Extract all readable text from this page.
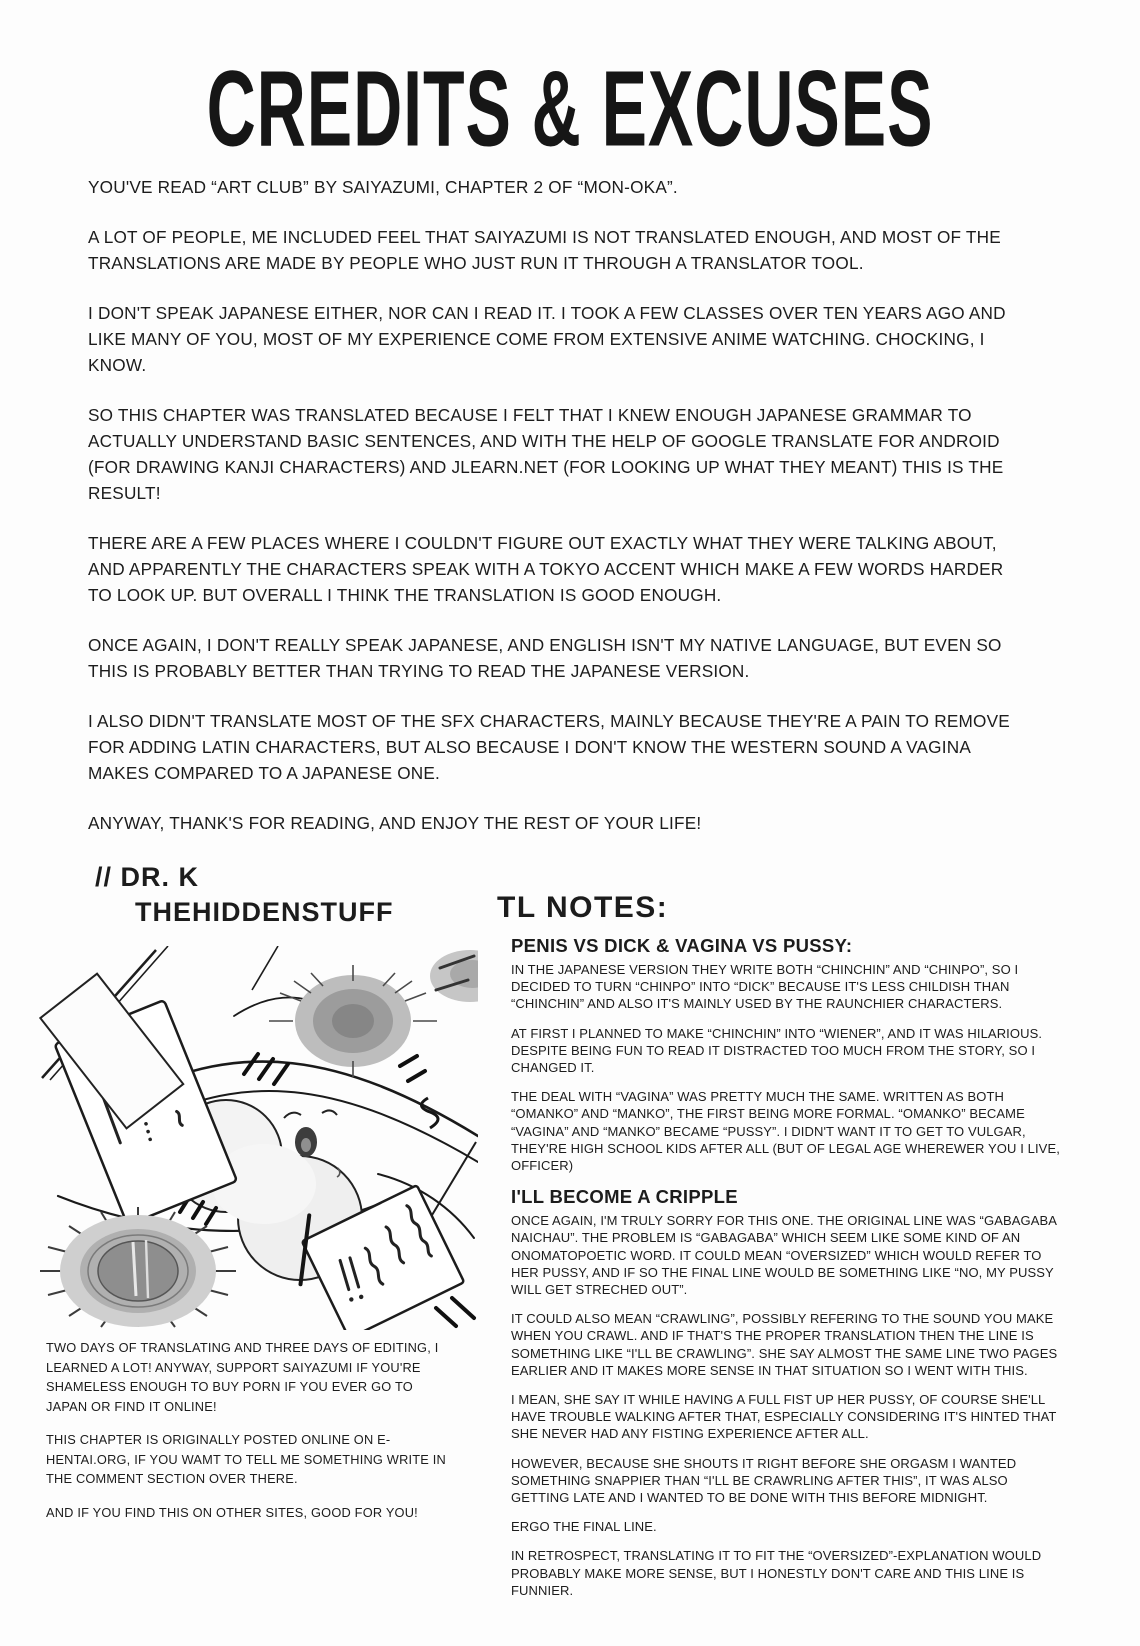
CREDITS & EXCUSES

YOU'VE READ “ART CLUB” BY SAIYAZUMI, CHAPTER 2 OF “MON-OKA”.

A LOT OF PEOPLE, ME INCLUDED FEEL THAT SAIYAZUMI IS NOT TRANSLATED ENOUGH, AND MOST OF THE TRANSLATIONS ARE MADE BY PEOPLE WHO JUST RUN IT THROUGH A TRANSLATOR TOOL.

I DON'T SPEAK JAPANESE EITHER, NOR CAN I READ IT. I TOOK A FEW CLASSES OVER TEN YEARS AGO AND LIKE MANY OF YOU, MOST OF MY EXPERIENCE COME FROM EXTENSIVE ANIME WATCHING. CHOCKING, I KNOW.

SO THIS CHAPTER WAS TRANSLATED BECAUSE I FELT THAT I KNEW ENOUGH JAPANESE GRAMMAR TO ACTUALLY UNDERSTAND BASIC SENTENCES, AND WITH THE HELP OF GOOGLE TRANSLATE FOR ANDROID (FOR DRAWING KANJI CHARACTERS) AND JLEARN.NET (FOR LOOKING UP WHAT THEY MEANT) THIS IS THE RESULT!

THERE ARE A FEW PLACES WHERE I COULDN'T FIGURE OUT EXACTLY WHAT THEY WERE TALKING ABOUT, AND APPARENTLY THE CHARACTERS SPEAK WITH A TOKYO ACCENT WHICH MAKE A FEW WORDS HARDER TO LOOK UP. BUT OVERALL I THINK THE TRANSLATION IS GOOD ENOUGH.

ONCE AGAIN, I DON'T REALLY SPEAK JAPANESE, AND ENGLISH ISN'T MY NATIVE LANGUAGE, BUT EVEN SO THIS IS PROBABLY BETTER THAN TRYING TO READ THE JAPANESE VERSION.

I ALSO DIDN'T TRANSLATE MOST OF THE SFX CHARACTERS, MAINLY BECAUSE THEY'RE A PAIN TO REMOVE FOR ADDING LATIN CHARACTERS, BUT ALSO BECAUSE I DON'T KNOW THE WESTERN SOUND A VAGINA MAKES COMPARED TO A JAPANESE ONE.

ANYWAY, THANK'S FOR READING, AND ENJOY THE REST OF YOUR LIFE!

// DR. K
THEHIDDENSTUFF

TWO DAYS OF TRANSLATING AND THREE DAYS OF EDITING, I LEARNED A LOT! ANYWAY, SUPPORT SAIYAZUMI IF YOU'RE SHAMELESS ENOUGH TO BUY PORN IF YOU EVER GO TO JAPAN OR FIND IT ONLINE!

THIS CHAPTER IS ORIGINALLY POSTED ONLINE ON E-HENTAI.ORG, IF YOU WAMT TO TELL ME SOMETHING WRITE IN THE COMMENT SECTION OVER THERE.

AND IF YOU FIND THIS ON OTHER SITES, GOOD FOR YOU!

TL NOTES:
PENIS VS DICK & VAGINA VS PUSSY:

IN THE JAPANESE VERSION THEY WRITE BOTH “CHINCHIN” AND “CHINPO”, SO I DECIDED TO TURN “CHINPO” INTO “DICK” BECAUSE IT'S LESS CHILDISH THAN “CHINCHIN” AND ALSO IT'S MAINLY USED BY THE RAUNCHIER CHARACTERS.

AT FIRST I PLANNED TO MAKE “CHINCHIN” INTO “WIENER”, AND IT WAS HILARIOUS. DESPITE BEING FUN TO READ IT DISTRACTED TOO MUCH FROM THE STORY, SO I CHANGED IT.

THE DEAL WITH “VAGINA” WAS PRETTY MUCH THE SAME. WRITTEN AS BOTH “OMANKO” AND “MANKO”, THE FIRST BEING MORE FORMAL. “OMANKO” BECAME “VAGINA” AND “MANKO” BECAME “PUSSY”. I DIDN'T WANT IT TO GET TO VULGAR, THEY'RE HIGH SCHOOL KIDS AFTER ALL (BUT OF LEGAL AGE WHEREWER YOU I LIVE, OFFICER)

I'LL BECOME A CRIPPLE

ONCE AGAIN, I'M TRULY SORRY FOR THIS ONE. THE ORIGINAL LINE WAS “GABAGABA NAICHAU”. THE PROBLEM IS “GABAGABA” WHICH SEEM LIKE SOME KIND OF AN ONOMATOPOETIC WORD. IT COULD MEAN “OVERSIZED” WHICH WOULD REFER TO HER PUSSY, AND IF SO THE FINAL LINE WOULD BE SOMETHING LIKE “NO, MY PUSSY WILL GET STRECHED OUT”.

IT COULD ALSO MEAN “CRAWLING”, POSSIBLY REFERING TO THE SOUND YOU MAKE WHEN YOU CRAWL. AND IF THAT'S THE PROPER TRANSLATION THEN THE LINE IS SOMETHING LIKE “I'LL BE CRAWLING”. SHE SAY ALMOST THE SAME LINE TWO PAGES EARLIER AND IT MAKES MORE SENSE IN THAT SITUATION SO I WENT WITH THIS.

I MEAN, SHE SAY IT WHILE HAVING A FULL FIST UP HER PUSSY, OF COURSE SHE'LL HAVE TROUBLE WALKING AFTER THAT, ESPECIALLY CONSIDERING IT'S HINTED THAT SHE NEVER HAD ANY FISTING EXPERIENCE AFTER ALL.

HOWEVER, BECAUSE SHE SHOUTS IT RIGHT BEFORE SHE ORGASM I WANTED SOMETHING SNAPPIER THAN “I'LL BE CRAWRLING AFTER THIS”, IT WAS ALSO GETTING LATE AND I WANTED TO BE DONE WITH THIS BEFORE MIDNIGHT.

ERGO THE FINAL LINE.

IN RETROSPECT, TRANSLATING IT TO FIT THE “OVERSIZED”-EXPLANATION WOULD PROBABLY MAKE MORE SENSE, BUT I HONESTLY DON'T CARE AND THIS LINE IS FUNNIER.
